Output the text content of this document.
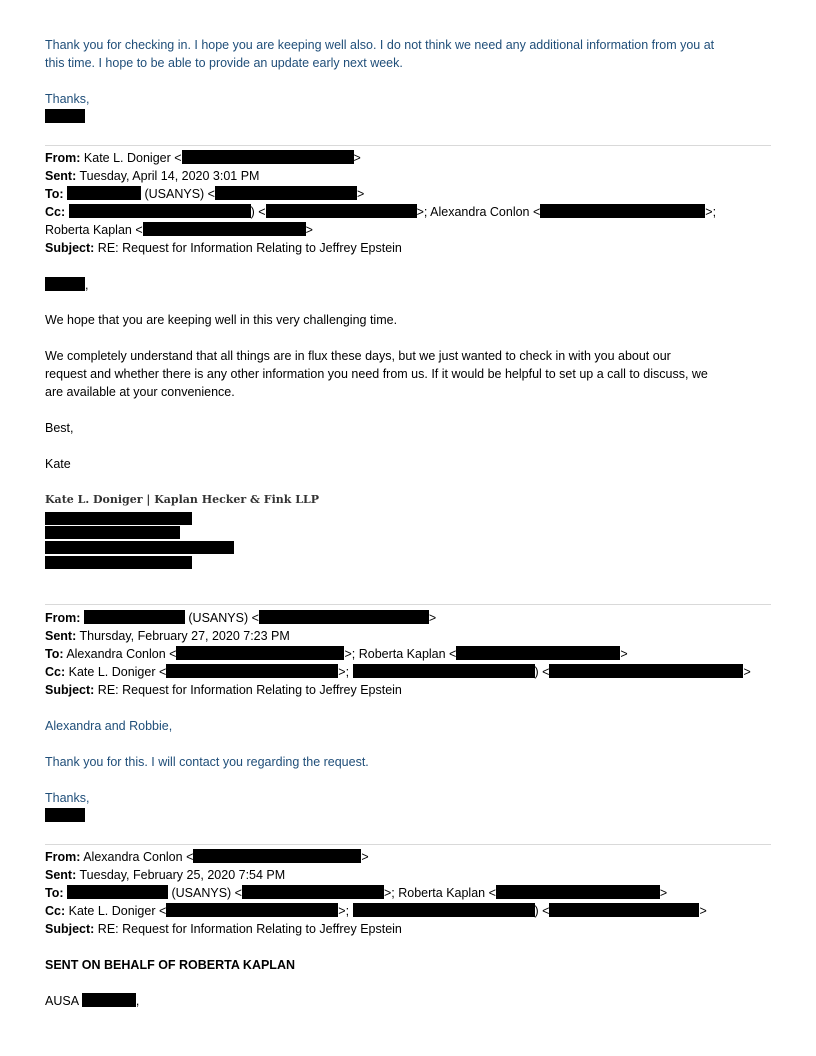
Thank you for checking in. I hope you are keeping well also. I do not think we need any additional information from you at
this time. I hope to be able to provide an update early next week.
Thanks,
From: Kate L. Doniger <	>
Sent: Tuesday, April 14, 2020 3:01 PM
To:	(USANYS) <	>
Cc:	) <	>; Alexandra Conlon <	>;
Roberta Kaplan <	>
Subject: RE: Request for Information Relating to Jeffrey Epstein
,
We hope that you are keeping well in this very challenging time.
We completely understand that all things are in flux these days, but we just wanted to check in with you about our
request and whether there is any other information you need from us. If it would be helpful to set up a call to discuss, we
are available at your convenience.
Best,
Kate
Kate L. Doniger | Kaplan Hecker & Fink LLP
From:	(USANYS) <	>
Sent: Thursday, February 27, 2020 7:23 PM
To: Alexandra Conlon <	>; Roberta Kaplan <	>
Cc: Kate L. Doniger <	>;	) <	>
Subject: RE: Request for Information Relating to Jeffrey Epstein
Alexandra and Robbie,
Thank you for this. I will contact you regarding the request.
Thanks,
From: Alexandra Conlon <	>
Sent: Tuesday, February 25, 2020 7:54 PM
To:	(USANYS) <	>; Roberta Kaplan <	>
Cc: Kate L. Doniger <	>;	) <	>
Subject: RE: Request for Information Relating to Jeffrey Epstein
SENT ON BEHALF OF ROBERTA KAPLAN
AUSA	,
